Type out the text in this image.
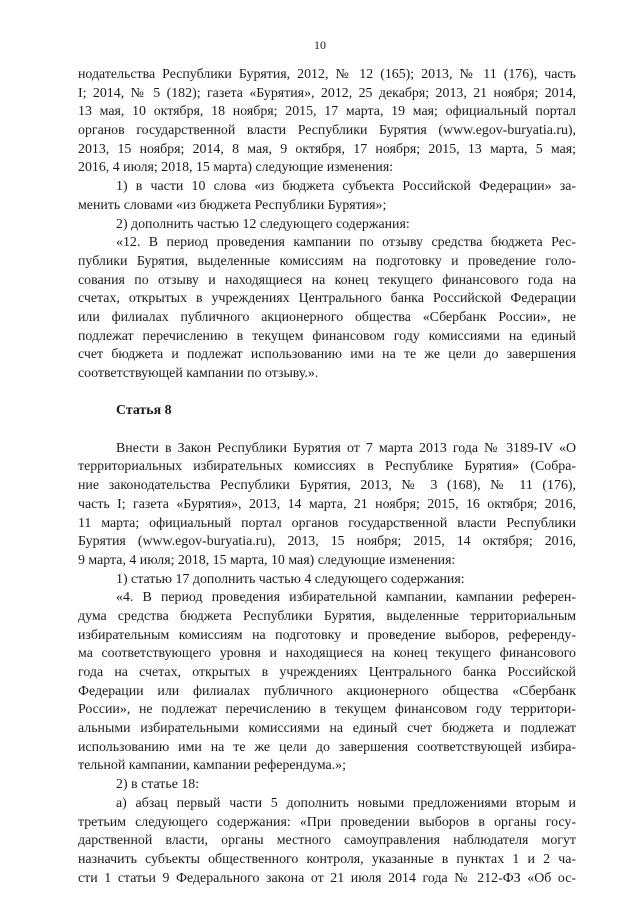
10
нодательства Республики Бурятия, 2012, № 12 (165); 2013, № 11 (176), часть
I; 2014, № 5 (182); газета «Бурятия», 2012, 25 декабря; 2013, 21 ноября; 2014,
13 мая, 10 октября, 18 ноября; 2015, 17 марта, 19 мая; официальный портал
органов государственной власти Республики Бурятия (www.egov-buryatia.ru),
2013, 15 ноября; 2014, 8 мая, 9 октября, 17 ноября; 2015, 13 марта, 5 мая;
2016, 4 июля; 2018, 15 марта) следующие изменения:
1) в части 10 слова «из бюджета субъекта Российской Федерации» за-
менить словами «из бюджета Республики Бурятия»;
2) дополнить частью 12 следующего содержания:
«12. В период проведения кампании по отзыву средства бюджета Рес-
публики Бурятия, выделенные комиссиям на подготовку и проведение голо-
сования по отзыву и находящиеся на конец текущего финансового года на
счетах, открытых в учреждениях Центрального банка Российской Федерации
или филиалах публичного акционерного общества «Сбербанк России», не
подлежат перечислению в текущем финансовом году комиссиями на единый
счет бюджета и подлежат использованию ими на те же цели до завершения
соответствующей кампании по отзыву.».
Статья 8
Внести в Закон Республики Бурятия от 7 марта 2013 года № 3189-IV «О
территориальных избирательных комиссиях в Республике Бурятия» (Собра-
ние законодательства Республики Бурятия, 2013, № 3 (168), № 11 (176),
часть I; газета «Бурятия», 2013, 14 марта, 21 ноября; 2015, 16 октября; 2016,
11 марта; официальный портал органов государственной власти Республики
Бурятия (www.egov-buryatia.ru), 2013, 15 ноября; 2015, 14 октября; 2016,
9 марта, 4 июля; 2018, 15 марта, 10 мая) следующие изменения:
1) статью 17 дополнить частью 4 следующего содержания:
«4. В период проведения избирательной кампании, кампании референ-
дума средства бюджета Республики Бурятия, выделенные территориальным
избирательным комиссиям на подготовку и проведение выборов, референду-
ма соответствующего уровня и находящиеся на конец текущего финансового
года на счетах, открытых в учреждениях Центрального банка Российской
Федерации или филиалах публичного акционерного общества «Сбербанк
России», не подлежат перечислению в текущем финансовом году территори-
альными избирательными комиссиями на единый счет бюджета и подлежат
использованию ими на те же цели до завершения соответствующей избира-
тельной кампании, кампании референдума.»;
2) в статье 18:
а) абзац первый части 5 дополнить новыми предложениями вторым и
третьим следующего содержания: «При проведении выборов в органы госу-
дарственной власти, органы местного самоуправления наблюдателя могут
назначить субъекты общественного контроля, указанные в пунктах 1 и 2 ча-
сти 1 статьи 9 Федерального закона от 21 июля 2014 года № 212-ФЗ «Об ос-
